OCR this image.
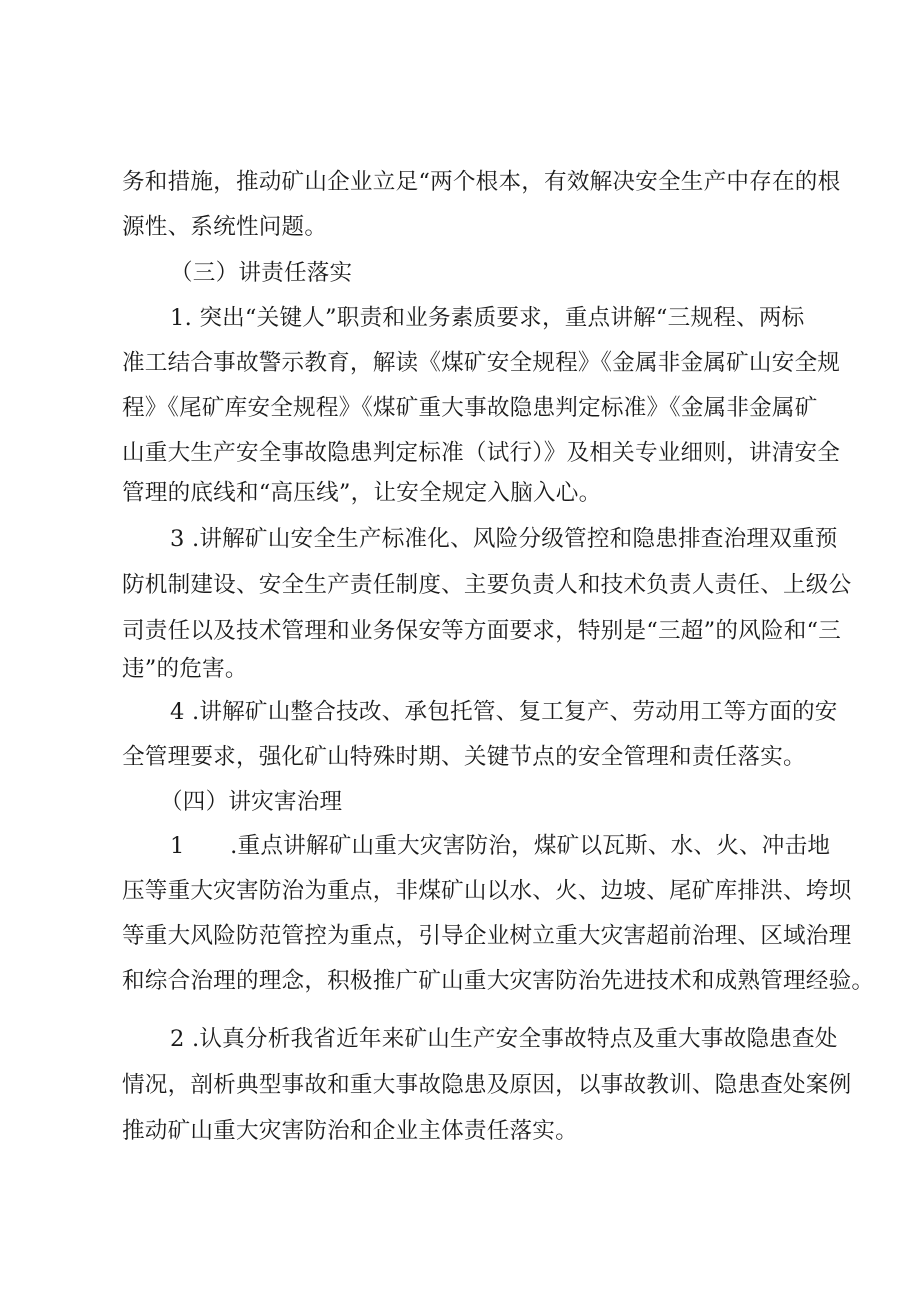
务和措施，推动矿山企业立足“两个根本，有效解决安全生产中存在的根
源性、系统性问题。
（三）讲责任落实
1. 突出“关键人”职责和业务素质要求，重点讲解“三规程、两标
准工结合事故警示教育，解读《煤矿安全规程》《金属非金属矿山安全规
程》《尾矿库安全规程》《煤矿重大事故隐患判定标准》《金属非金属矿
山重大生产安全事故隐患判定标准（试行）》及相关专业细则，讲清安全
管理的底线和“高压线”，让安全规定入脑入心。
3 .讲解矿山安全生产标准化、风险分级管控和隐患排查治理双重预
防机制建设、安全生产责任制度、主要负责人和技术负责人责任、上级公
司责任以及技术管理和业务保安等方面要求，特别是“三超”的风险和“三
违”的危害。
4 .讲解矿山整合技改、承包托管、复工复产、劳动用工等方面的安
全管理要求，强化矿山特殊时期、关键节点的安全管理和责任落实。
（四）讲灾害治理
1　　.重点讲解矿山重大灾害防治，煤矿以瓦斯、水、火、冲击地
压等重大灾害防治为重点，非煤矿山以水、火、边坡、尾矿库排洪、垮坝
等重大风险防范管控为重点，引导企业树立重大灾害超前治理、区域治理
和综合治理的理念，积极推广矿山重大灾害防治先进技术和成熟管理经验。
2 .认真分析我省近年来矿山生产安全事故特点及重大事故隐患查处
情况，剖析典型事故和重大事故隐患及原因，以事故教训、隐患查处案例
推动矿山重大灾害防治和企业主体责任落实。
